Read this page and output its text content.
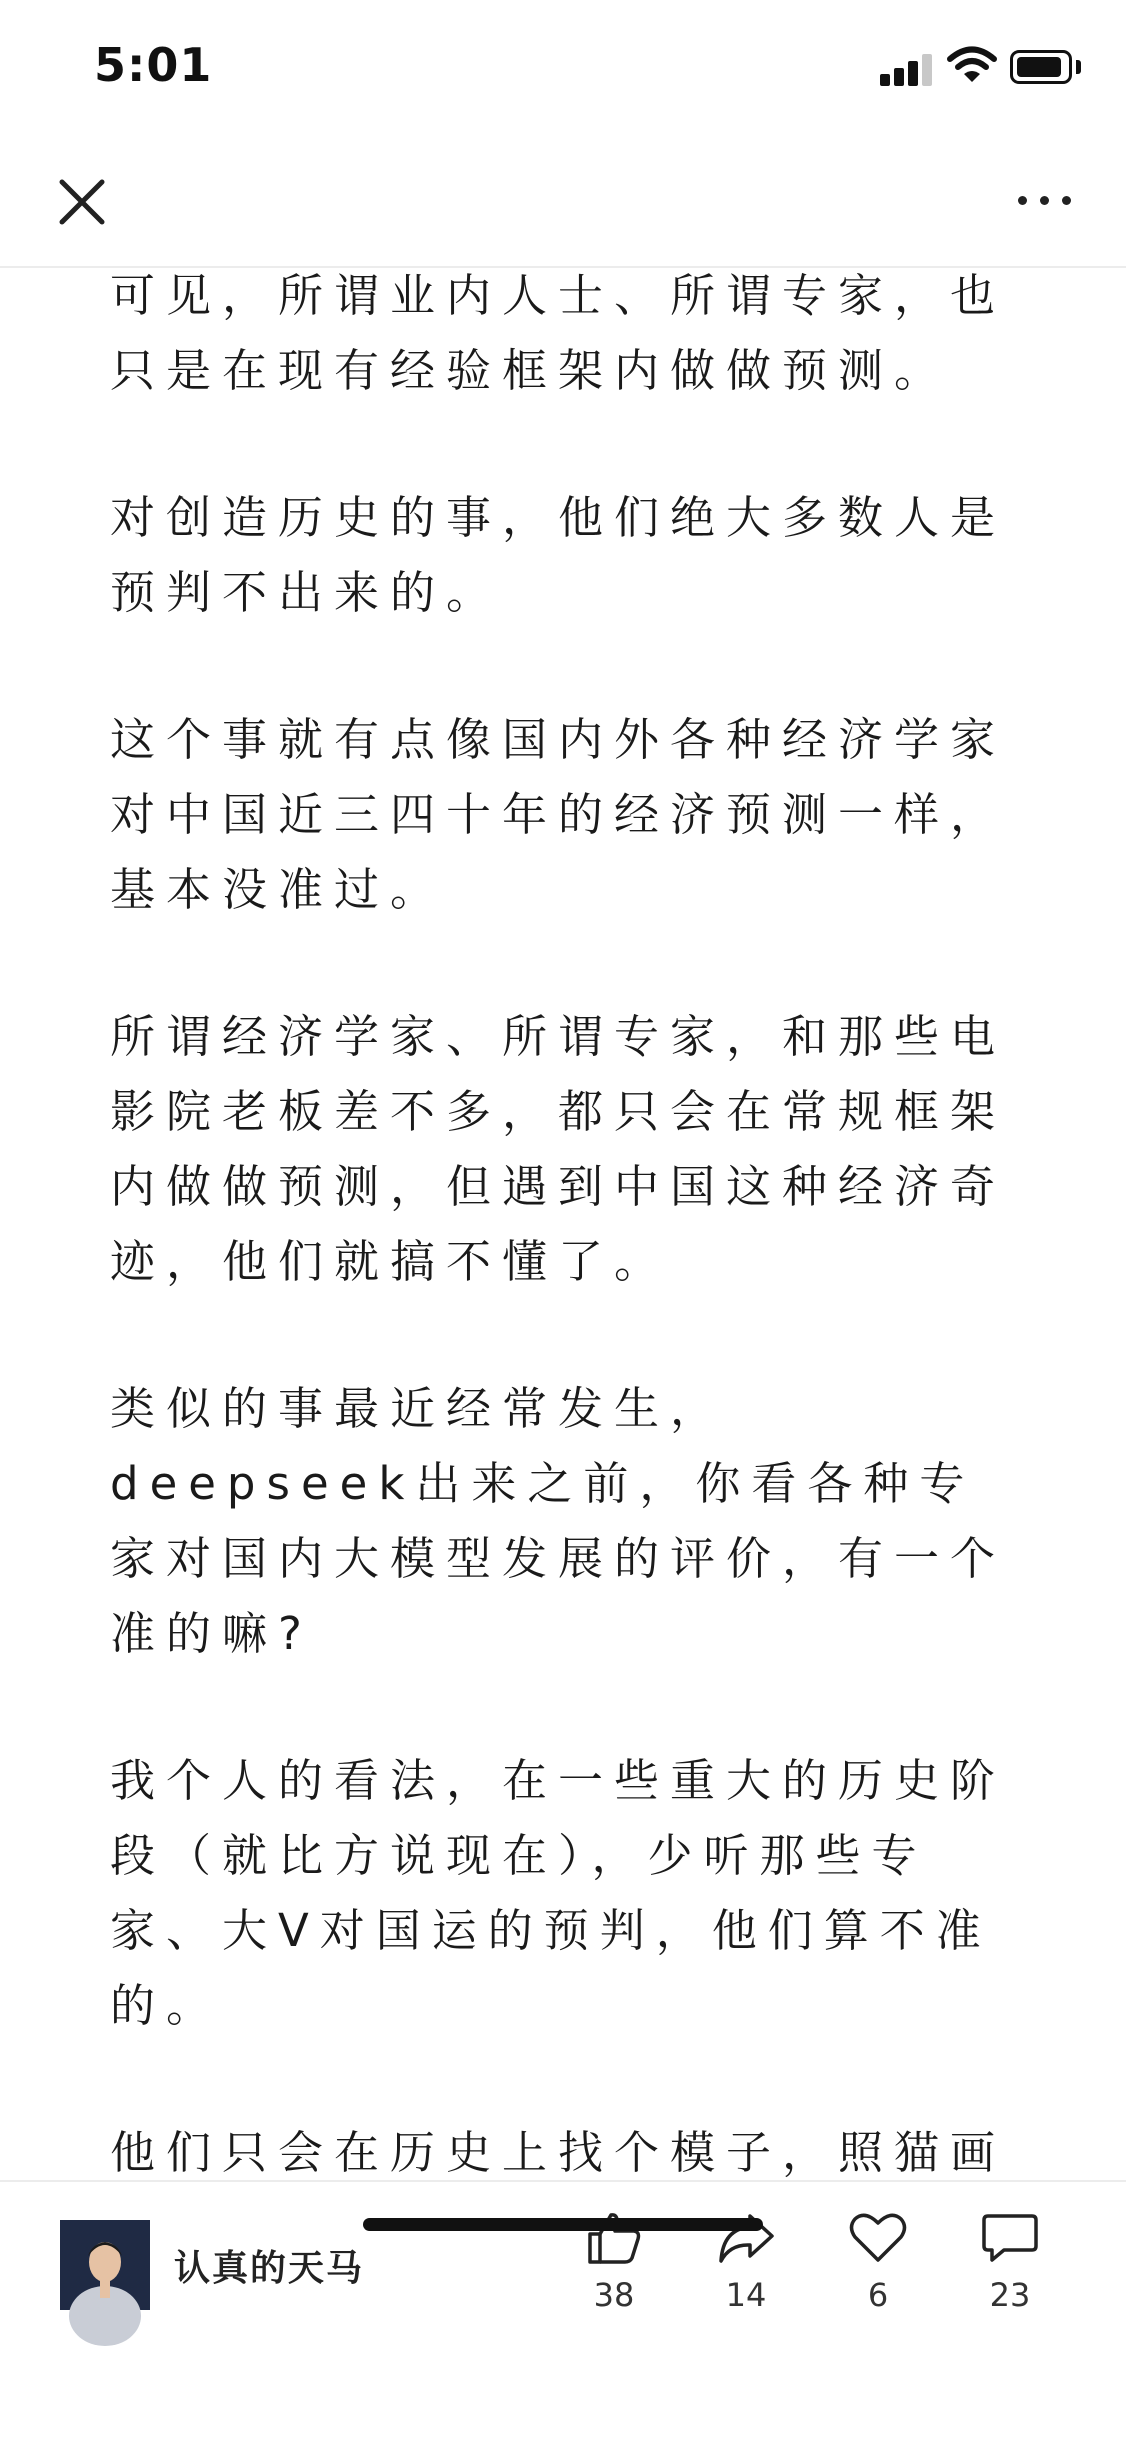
5:01

可见，所谓业内人士、所谓专家，也只是在现有经验框架内做做预测。

对创造历史的事，他们绝大多数人是预判不出来的。

这个事就有点像国内外各种经济学家对中国近三四十年的经济预测一样，基本没准过。

所谓经济学家、所谓专家，和那些电影院老板差不多，都只会在常规框架内做做预测，但遇到中国这种经济奇迹，他们就搞不懂了。

类似的事最近经常发生，deepseek出来之前，你看各种专家对国内大模型发展的评价，有一个准的嘛?

我个人的看法，在一些重大的历史阶段（就比方说现在），少听那些专家、大V对国运的预判，他们算不准的。

他们只会在历史上找个模子，照猫画

认真的天马
38	14	6	23
